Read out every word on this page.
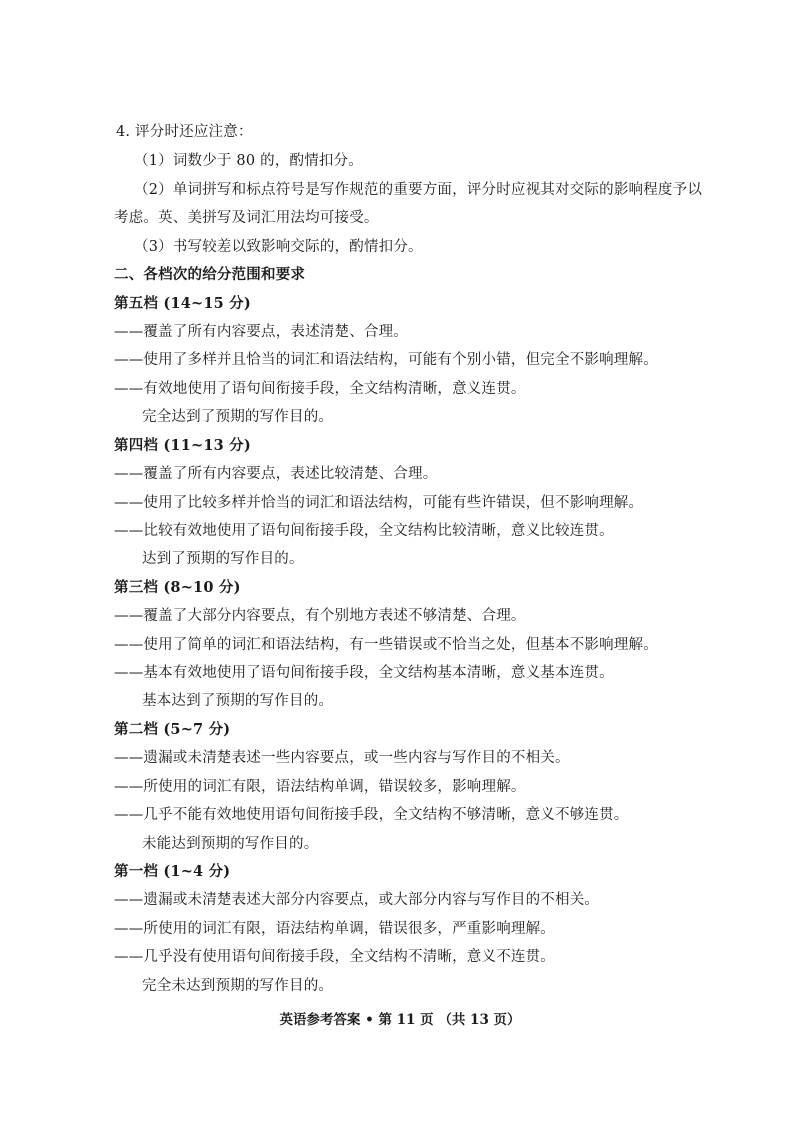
4. 评分时还应注意：
（1）词数少于 80 的，酌情扣分。
（2）单词拼写和标点符号是写作规范的重要方面，评分时应视其对交际的影响程度予以
考虑。英、美拼写及词汇用法均可接受。
（3）书写较差以致影响交际的，酌情扣分。
二、各档次的给分范围和要求
第五档 (14~15 分)
——覆盖了所有内容要点，表述清楚、合理。
——使用了多样并且恰当的词汇和语法结构，可能有个别小错，但完全不影响理解。
——有效地使用了语句间衔接手段，全文结构清晰，意义连贯。
完全达到了预期的写作目的。
第四档 (11~13 分)
——覆盖了所有内容要点，表述比较清楚、合理。
——使用了比较多样并恰当的词汇和语法结构，可能有些许错误，但不影响理解。
——比较有效地使用了语句间衔接手段，全文结构比较清晰，意义比较连贯。
达到了预期的写作目的。
第三档 (8~10 分)
——覆盖了大部分内容要点，有个别地方表述不够清楚、合理。
——使用了简单的词汇和语法结构，有一些错误或不恰当之处，但基本不影响理解。
——基本有效地使用了语句间衔接手段，全文结构基本清晰，意义基本连贯。
基本达到了预期的写作目的。
第二档 (5~7 分)
——遗漏或未清楚表述一些内容要点，或一些内容与写作目的不相关。
——所使用的词汇有限，语法结构单调，错误较多，影响理解。
——几乎不能有效地使用语句间衔接手段，全文结构不够清晰，意义不够连贯。
未能达到预期的写作目的。
第一档 (1~4 分)
——遗漏或未清楚表述大部分内容要点，或大部分内容与写作目的不相关。
——所使用的词汇有限，语法结构单调，错误很多，严重影响理解。
——几乎没有使用语句间衔接手段，全文结构不清晰，意义不连贯。
完全未达到预期的写作目的。
英语参考答案 • 第 11 页 （共 13 页）
